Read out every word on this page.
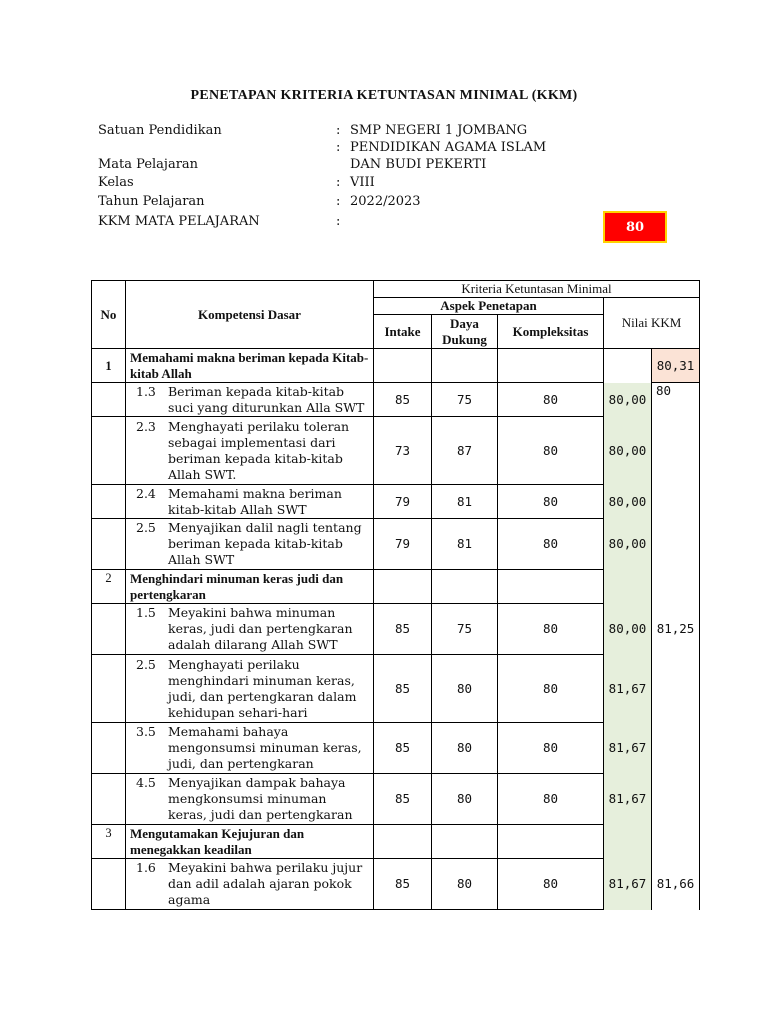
PENETAPAN KRITERIA KETUNTASAN MINIMAL (KKM)
Satuan Pendidikan	: SMP NEGERI 1 JOMBANG
: PENDIDIKAN AGAMA ISLAM
Mata Pelajaran	DAN BUDI PEKERTI
Kelas	: VIII
Tahun Pelajaran	: 2022/2023
KKM MATA PELAJARAN	:	80
No	Kompetensi Dasar	Kriteria Ketuntasan Minimal				
		Aspek Penetapan			Nilai KKM	
		Intake	Daya Dukung	Kompleksitas		
1	Memahami makna beriman kepada Kitab-kitab Allah					80,31
	1.3 Beriman kepada kitab-kitab suci yang diturunkan Alla SWT	85	75	80	80,00	80
	2.3 Menghayati perilaku toleran sebagai implementasi dari beriman kepada kitab-kitab Allah SWT.	73	87	80	80,00	
	2.4 Memahami makna beriman kitab-kitab Allah SWT	79	81	80	80,00	
	2.5 Menyajikan dalil nagli tentang beriman kepada kitab-kitab Allah SWT	79	81	80	80,00	
2	Menghindari minuman keras judi dan pertengkaran					
	1.5 Meyakini bahwa minuman keras, judi dan pertengkaran adalah dilarang Allah SWT	85	75	80	80,00	81,25
	2.5 Menghayati perilaku menghindari minuman keras, judi, dan pertengkaran dalam kehidupan sehari-hari	85	80	80	81,67	
	3.5 Memahami bahaya mengonsumsi minuman keras, judi, dan pertengkaran	85	80	80	81,67	
	4.5 Menyajikan dampak bahaya mengkonsumsi minuman keras, judi dan pertengkaran	85	80	80	81,67	
3	Mengutamakan Kejujuran dan menegakkan keadilan					
	1.6 Meyakini bahwa perilaku jujur dan adil adalah ajaran pokok agama	85	80	80	81,67	81,66
